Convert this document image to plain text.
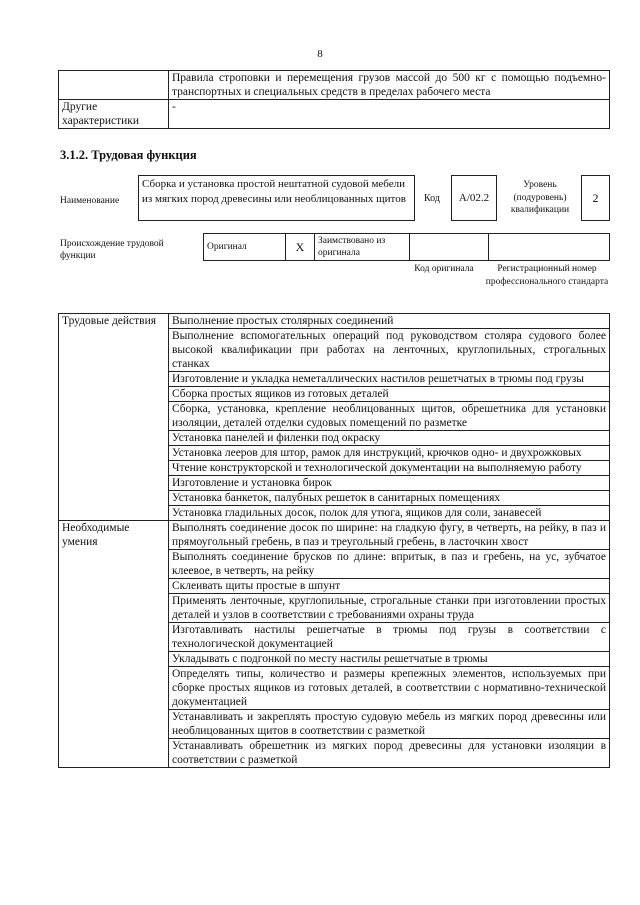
8
	Правила строповки и перемещения грузов массой до 500 кг с помощью подъемно-транспортных и специальных средств в пределах рабочего места
Другие характеристики	-
3.1.2. Трудовая функция
Наименование
Сборка и установка простой нештатной судовой мебели из мягких пород древесины или необлицованных щитов	Код	А/02.2
Уровень (подуровень) квалификации
2
Происхождение трудовой функции
Оригинал	X	Заимствовано из оригинала		
Код оригинала	Регистрационный номер профессионального стандарта
Трудовые действия	Выполнение простых столярных соединений
	Выполнение вспомогательных операций под руководством столяра судового более высокой квалификации при работах на ленточных, круглопильных, строгальных станках
	Изготовление и укладка неметаллических настилов решетчатых в трюмы под грузы
	Сборка простых ящиков из готовых деталей
	Сборка, установка, крепление необлицованных щитов, обрешетника для установки изоляции, деталей отделки судовых помещений по разметке
	Установка панелей и филенки под окраску
	Установка лееров для штор, рамок для инструкций, крючков одно- и двухрожковых
	Чтение конструкторской и технологической документации на выполняемую работу
	Изготовление и установка бирок
	Установка банкеток, палубных решеток в санитарных помещениях
	Установка гладильных досок, полок для утюга, ящиков для соли, занавесей
Необходимые умения	Выполнять соединение досок по ширине: на гладкую фугу, в четверть, на рейку, в паз и прямоугольный гребень, в паз и треугольный гребень, в ласточкин хвост
	Выполнять соединение брусков по длине: впритык, в паз и гребень, на ус, зубчатое клеевое, в четверть, на рейку
	Склеивать щиты простые в шпунт
	Применять ленточные, круглопильные, строгальные станки при изготовлении простых деталей и узлов в соответствии с требованиями охраны труда
	Изготавливать настилы решетчатые в трюмы под грузы в соответствии с технологической документацией
	Укладывать с подгонкой по месту настилы решетчатые в трюмы
	Определять типы, количество и размеры крепежных элементов, используемых при сборке простых ящиков из готовых деталей, в соответствии с нормативно-технической документацией
	Устанавливать и закреплять простую судовую мебель из мягких пород древесины или необлицованных щитов в соответствии с разметкой
	Устанавливать обрешетник из мягких пород древесины для установки изоляции в соответствии с разметкой
